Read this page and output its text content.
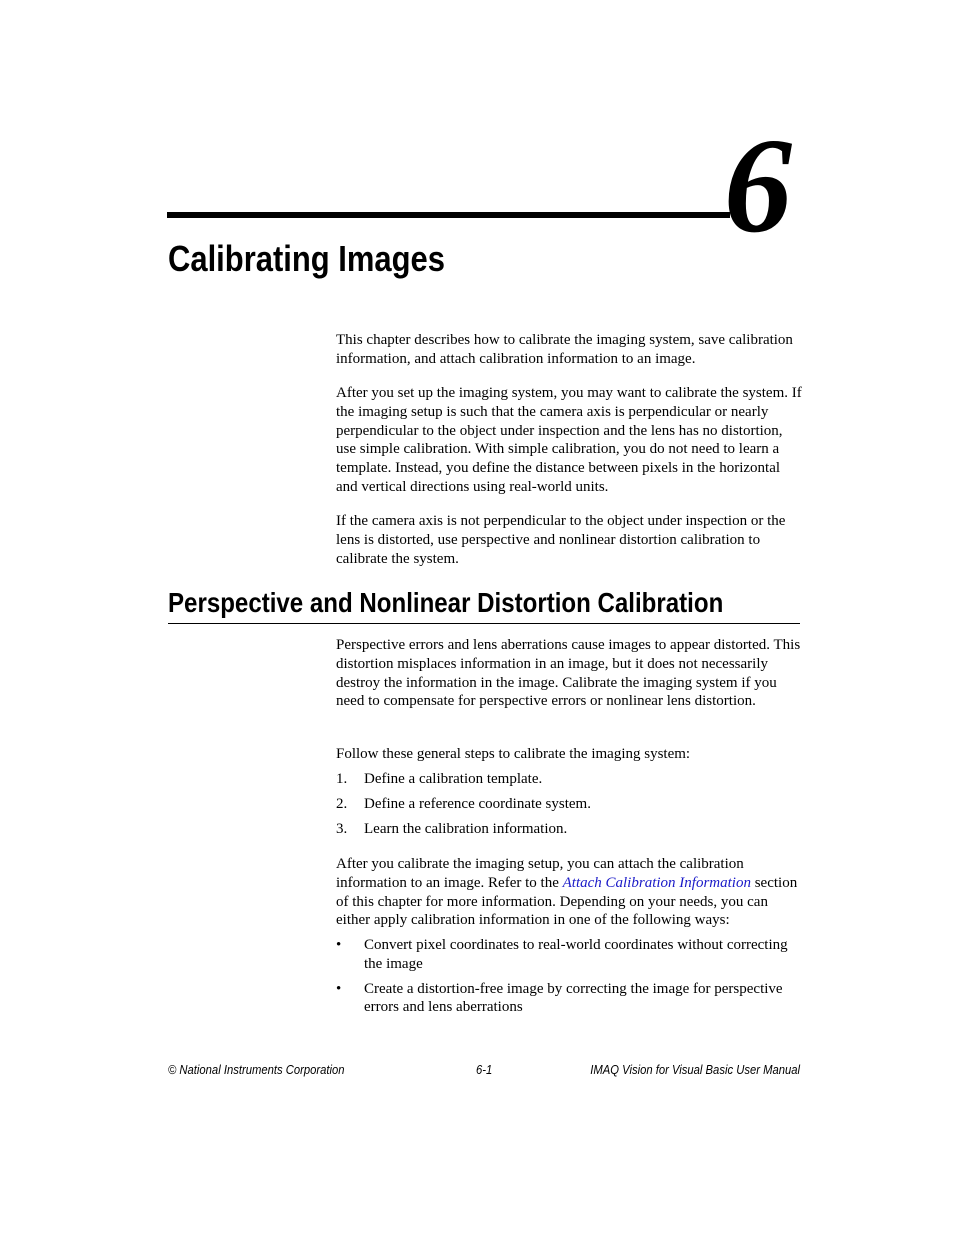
6
Calibrating Images

This chapter describes how to calibrate the imaging system, save calibration information, and attach calibration information to an image.

After you set up the imaging system, you may want to calibrate the system. If the imaging setup is such that the camera axis is perpendicular or nearly perpendicular to the object under inspection and the lens has no distortion, use simple calibration. With simple calibration, you do not need to learn a template. Instead, you define the distance between pixels in the horizontal and vertical directions using real-world units.

If the camera axis is not perpendicular to the object under inspection or the lens is distorted, use perspective and nonlinear distortion calibration to calibrate the system.

Perspective and Nonlinear Distortion Calibration

Perspective errors and lens aberrations cause images to appear distorted. This distortion misplaces information in an image, but it does not necessarily destroy the information in the image. Calibrate the imaging system if you need to compensate for perspective errors or nonlinear lens distortion.

Follow these general steps to calibrate the imaging system:

1. Define a calibration template.
2. Define a reference coordinate system.
3. Learn the calibration information.

After you calibrate the imaging setup, you can attach the calibration information to an image. Refer to the Attach Calibration Information section of this chapter for more information. Depending on your needs, you can either apply calibration information in one of the following ways:

• Convert pixel coordinates to real-world coordinates without correcting the image
• Create a distortion-free image by correcting the image for perspective errors and lens aberrations
© National Instruments Corporation	6-1	IMAQ Vision for Visual Basic User Manual
